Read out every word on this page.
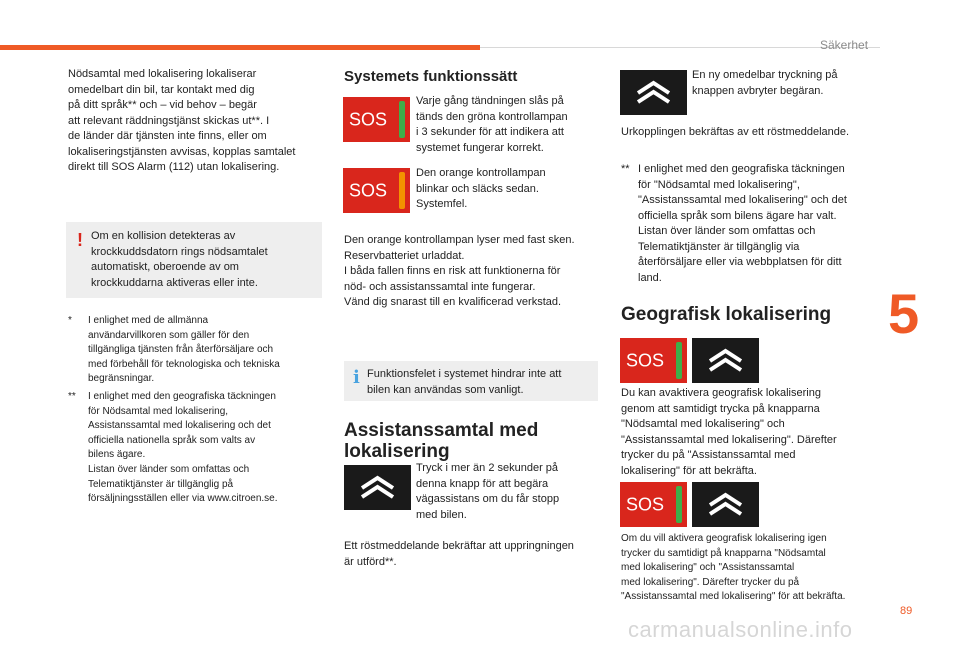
Säkerhet
5
89
carmanualsonline.info
Nödsamtal med lokalisering lokaliserar
omedelbart din bil, tar kontakt med dig
på ditt språk** och – vid behov – begär
att relevant räddningstjänst skickas ut**. I
de länder där tjänsten inte finns, eller om
lokaliseringstjänsten avvisas, kopplas samtalet
direkt till SOS Alarm (112) utan lokalisering.
! Om en kollision detekteras av
krockkuddsdatorn rings nödsamtalet
automatiskt, oberoende av om
krockkuddarna aktiveras eller inte.
* I enlighet med de allmänna
användarvillkoren som gäller för den
tillgängliga tjänsten från återförsäljare och
med förbehåll för teknologiska och tekniska
begränsningar.
** I enlighet med den geografiska täckningen
för Nödsamtal med lokalisering,
Assistanssamtal med lokalisering och det
officiella nationella språk som valts av
bilens ägare.
Listan över länder som omfattas och
Telematiktjänster är tillgänglig på
försäljningsställen eller via www.citroen.se.
Systemets funktionssätt
SOS
Varje gång tändningen slås på
tänds den gröna kontrollampan
i 3 sekunder för att indikera att
systemet fungerar korrekt.
SOS
Den orange kontrollampan
blinkar och släcks sedan.
Systemfel.
Den orange kontrollampan lyser med fast sken.
Reservbatteriet urladdat.
I båda fallen finns en risk att funktionerna för
nöd- och assistanssamtal inte fungerar.
Vänd dig snarast till en kvalificerad verkstad.
i Funktionsfelet i systemet hindrar inte att
bilen kan användas som vanligt.
Assistanssamtal med
lokalisering
Tryck i mer än 2 sekunder på
denna knapp för att begära
vägassistans om du får stopp
med bilen.
Ett röstmeddelande bekräftar att uppringningen
är utförd**.
En ny omedelbar tryckning på
knappen avbryter begäran.
Urkopplingen bekräftas av ett röstmeddelande.
** I enlighet med den geografiska täckningen
för "Nödsamtal med lokalisering",
"Assistanssamtal med lokalisering" och det
officiella språk som bilens ägare har valt.
Listan över länder som omfattas och
Telematiktjänster är tillgänglig via
återförsäljare eller via webbplatsen för ditt
land.
Geografisk lokalisering
SOS
Du kan avaktivera geografisk lokalisering
genom att samtidigt trycka på knapparna
"Nödsamtal med lokalisering" och
"Assistanssamtal med lokalisering". Därefter
trycker du på "Assistanssamtal med
lokalisering" för att bekräfta.
SOS
Om du vill aktivera geografisk lokalisering igen
trycker du samtidigt på knapparna "Nödsamtal
med lokalisering" och "Assistanssamtal
med lokalisering". Därefter trycker du på
"Assistanssamtal med lokalisering" för att bekräfta.
